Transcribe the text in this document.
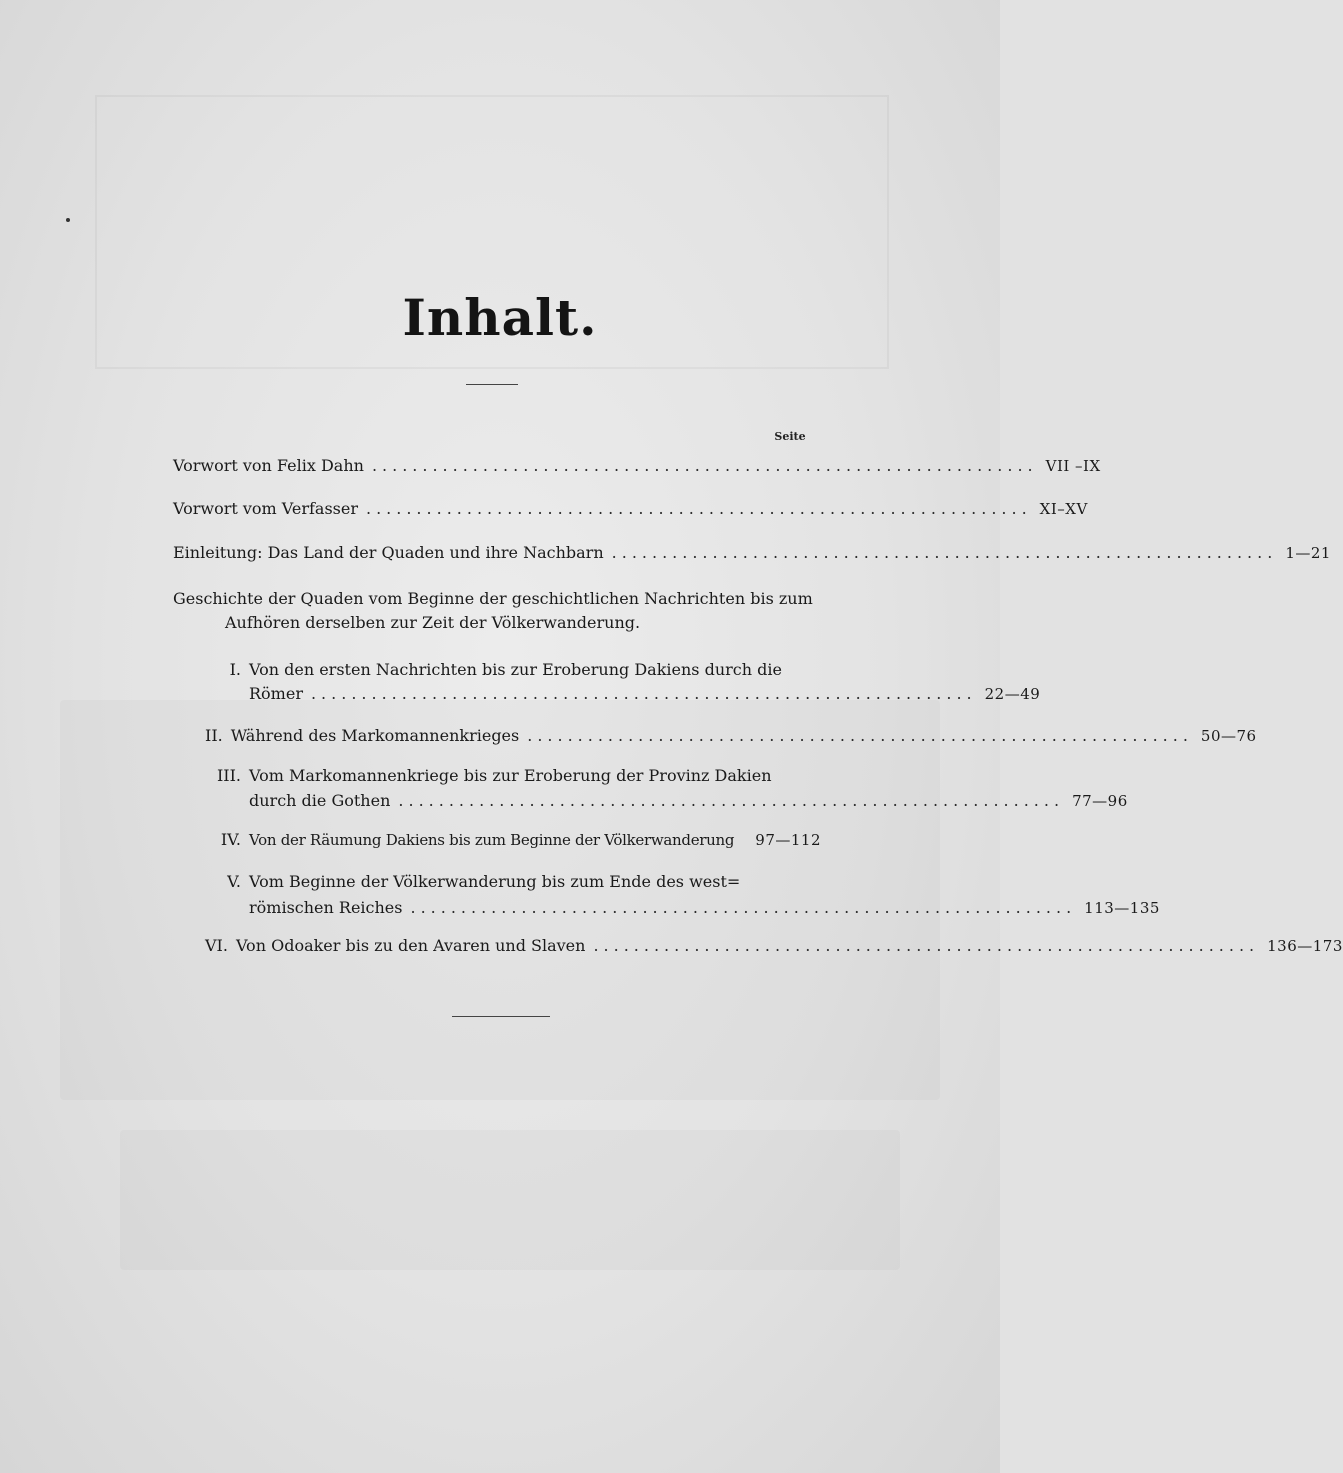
Inhalt.
Seite
Vorwort von Felix Dahn .................................................................. VII –IX
Vorwort vom Verfasser .................................................................. XI–XV
Einleitung: Das Land der Quaden und ihre Nachbarn .................................................................. 1—21
Geschichte der Quaden vom Beginne der geschichtlichen Nachrichten bis zum
Aufhören derselben zur Zeit der Völkerwanderung.
I. Von den ersten Nachrichten bis zur Eroberung Dakiens durch die
Römer .................................................................. 22—49
II. Während des Markomannenkrieges .................................................................. 50—76
III. Vom Markomannenkriege bis zur Eroberung der Provinz Dakien
durch die Gothen .................................................................. 77—96
IV. Von der Räumung Dakiens bis zum Beginne der Völkerwanderung 97—112
V. Vom Beginne der Völkerwanderung bis zum Ende des west=
römischen Reiches .................................................................. 113—135
VI. Von Odoaker bis zu den Avaren und Slaven .................................................................. 136—173
